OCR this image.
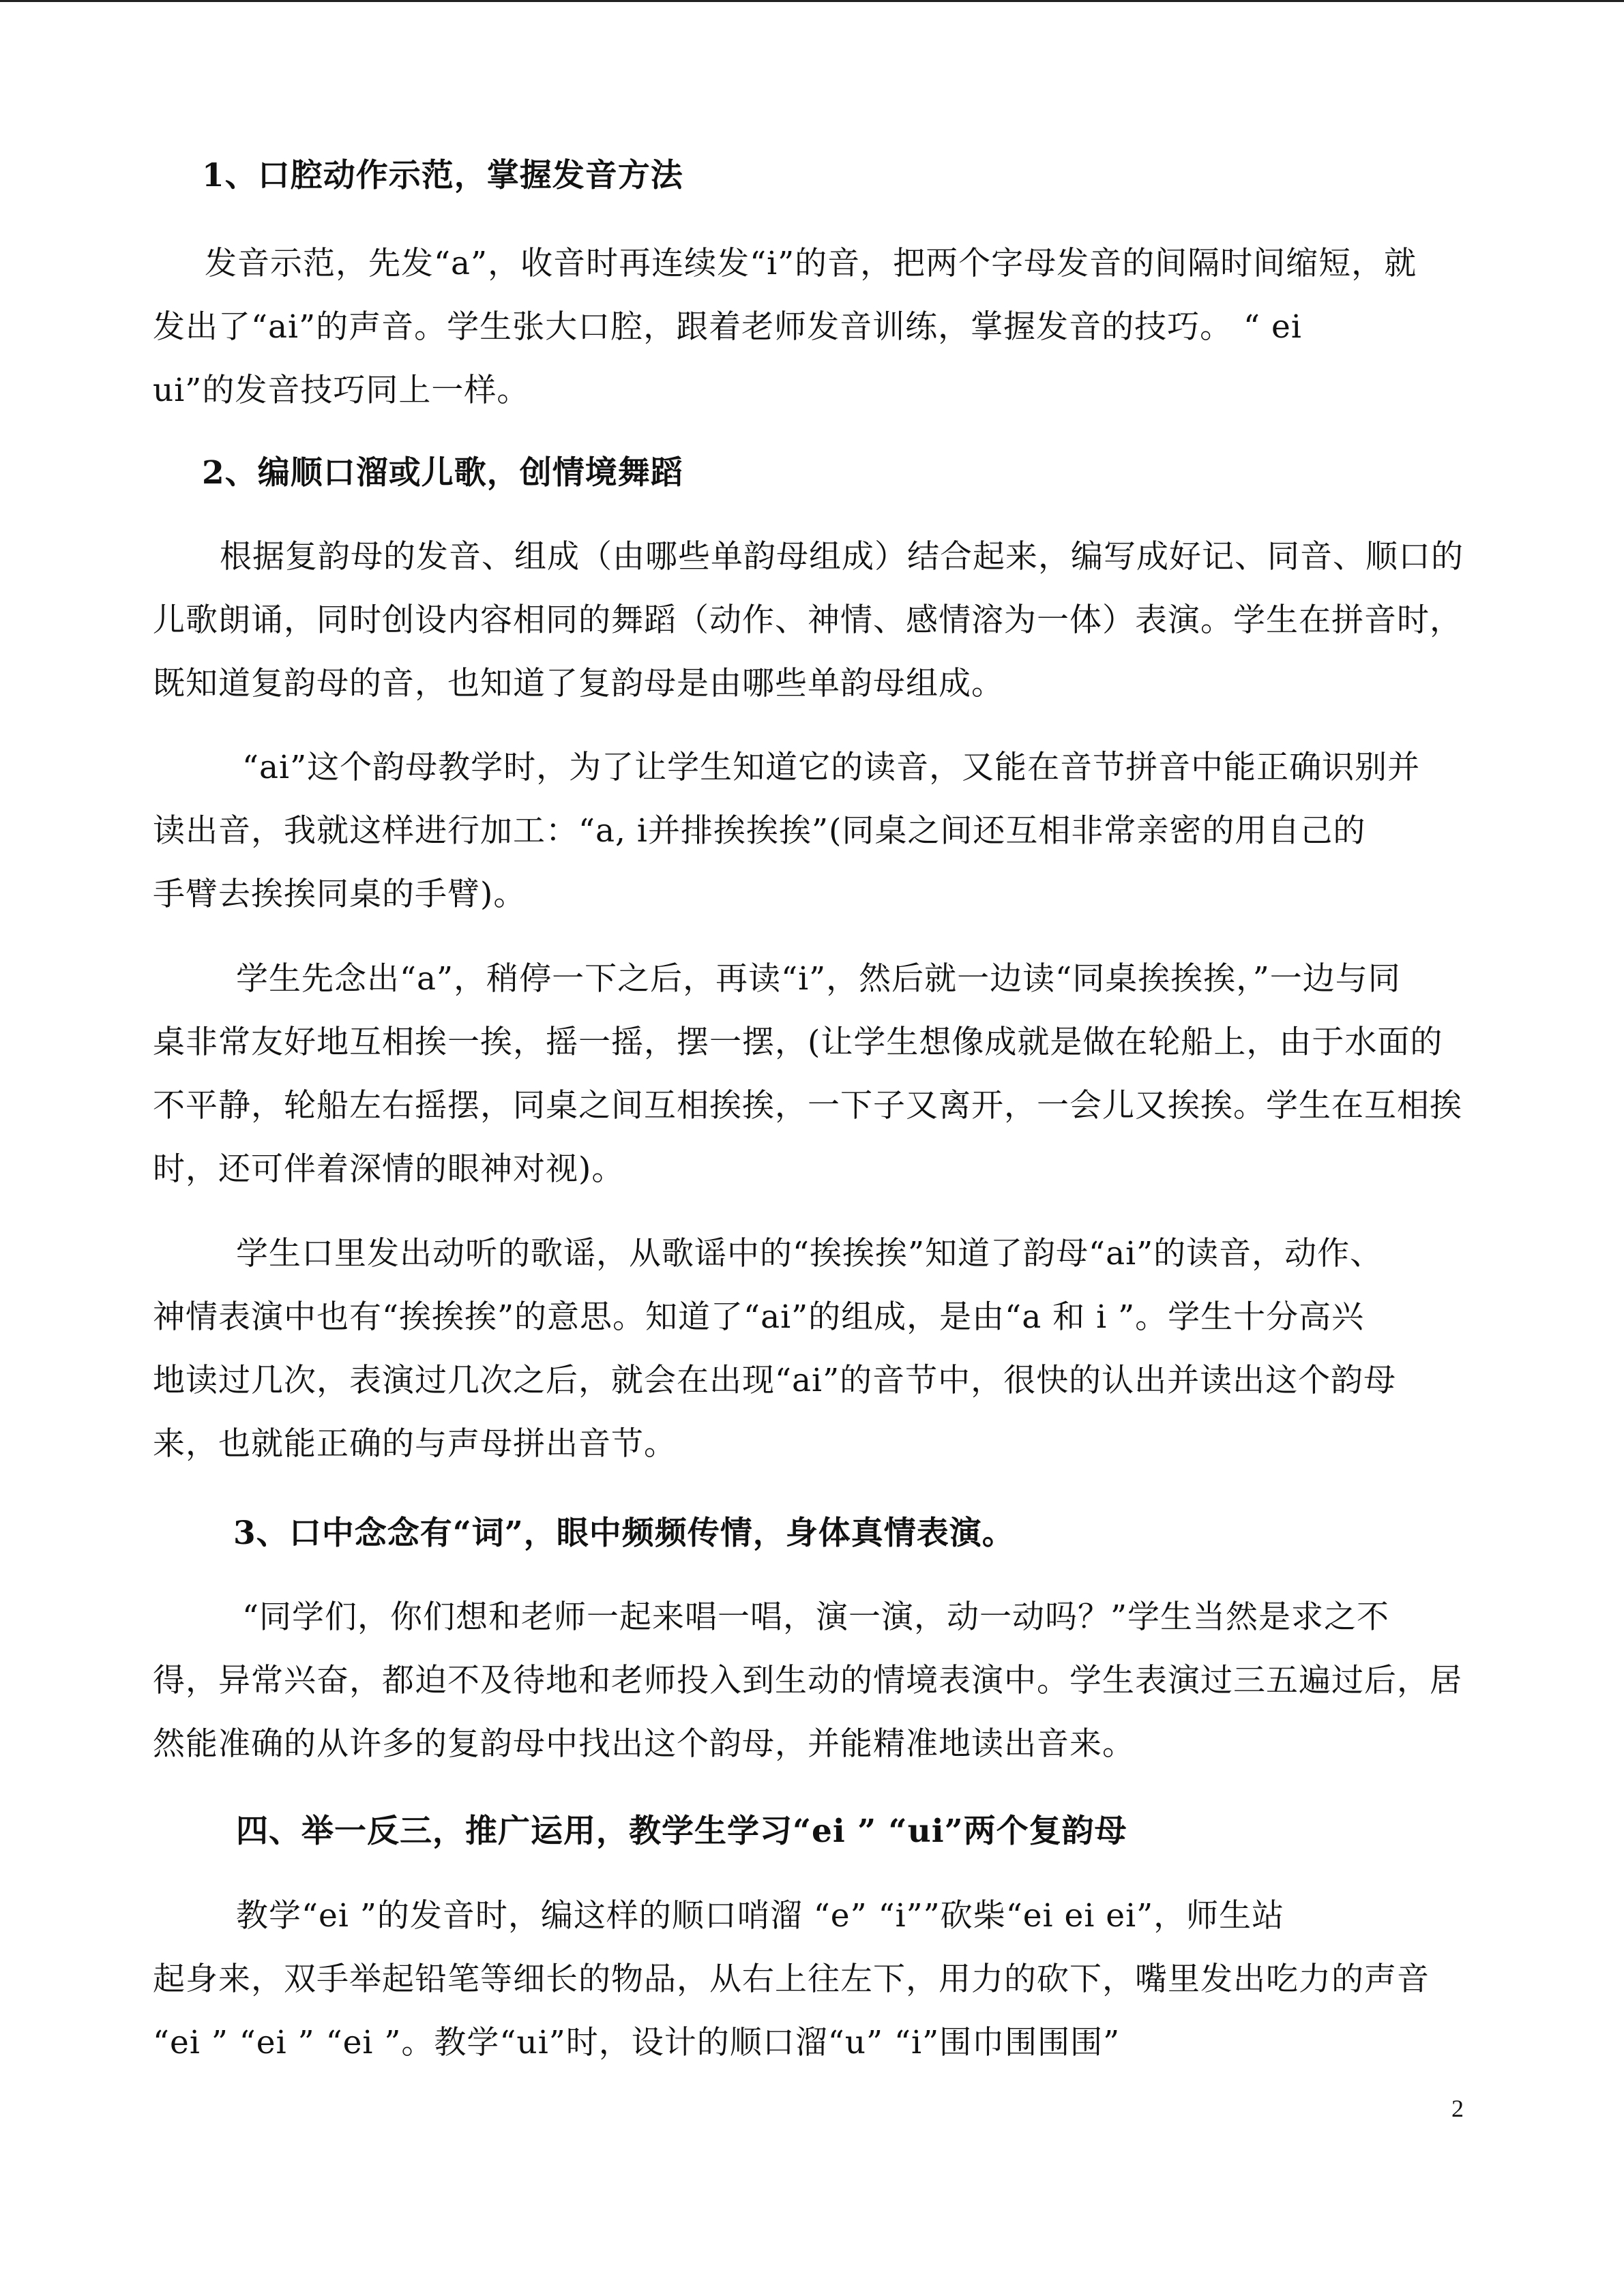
1、口腔动作示范，掌握发音方法
发音示范，先发“a”，收音时再连续发“i”的音，把两个字母发音的间隔时间缩短，就
发出了“ai”的声音。学生张大口腔，跟着老师发音训练，掌握发音的技巧。 “ ei
ui”的发音技巧同上一样。
2、编顺口溜或儿歌，创情境舞蹈
根据复韵母的发音、组成（由哪些单韵母组成）结合起来，编写成好记、同音、顺口的
儿歌朗诵，同时创设内容相同的舞蹈（动作、神情、感情溶为一体）表演。学生在拼音时，
既知道复韵母的音，也知道了复韵母是由哪些单韵母组成。
“ai”这个韵母教学时，为了让学生知道它的读音，又能在音节拼音中能正确识别并
读出音，我就这样进行加工：“a, i并排挨挨挨”(同桌之间还互相非常亲密的用自己的
手臂去挨挨同桌的手臂)。
学生先念出“a”，稍停一下之后，再读“i”，然后就一边读“同桌挨挨挨，”一边与同
桌非常友好地互相挨一挨，摇一摇，摆一摆，(让学生想像成就是做在轮船上，由于水面的
不平静，轮船左右摇摆，同桌之间互相挨挨，一下子又离开，一会儿又挨挨。学生在互相挨
时，还可伴着深情的眼神对视)。
学生口里发出动听的歌谣，从歌谣中的“挨挨挨”知道了韵母“ai”的读音，动作、
神情表演中也有“挨挨挨”的意思。知道了“ai”的组成，是由“a 和 i ”。学生十分高兴
地读过几次，表演过几次之后，就会在出现“ai”的音节中，很快的认出并读出这个韵母
来，也就能正确的与声母拼出音节。
3、口中念念有“词”，眼中频频传情，身体真情表演。
“同学们，你们想和老师一起来唱一唱，演一演，动一动吗？”学生当然是求之不
得，异常兴奋，都迫不及待地和老师投入到生动的情境表演中。学生表演过三五遍过后，居
然能准确的从许多的复韵母中找出这个韵母，并能精准地读出音来。
四、举一反三，推广运用，教学生学习“ei ” “ui”两个复韵母
教学“ei ”的发音时，编这样的顺口哨溜 “e” “i””砍柴“ei ei ei”，师生站
起身来，双手举起铅笔等细长的物品，从右上往左下，用力的砍下，嘴里发出吃力的声音
“ei ” “ei ” “ei ”。教学“ui”时，设计的顺口溜“u” “i”围巾围围围”
2
